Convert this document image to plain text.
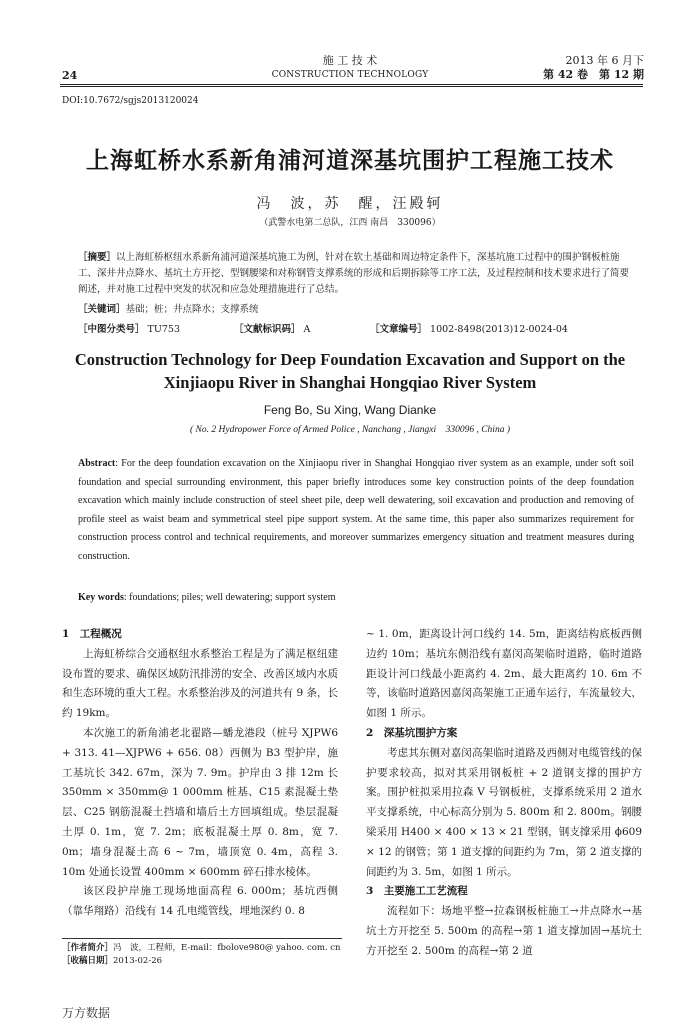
施 工 技 术
CONSTRUCTION TECHNOLOGY
2013 年 6 月下
第 42 卷　第 12 期
24
DOI:10.7672/sgjs2013120024
上海虹桥水系新角浦河道深基坑围护工程施工技术
冯　波，苏　醒，汪殿轲
（武警水电第二总队，江西 南昌　330096）
［摘要］以上海虹桥枢纽水系新角浦河道深基坑施工为例，针对在软土基础和周边特定条件下，深基坑施工过程中的围护钢板桩施工、深井井点降水、基坑土方开挖、型钢腰梁和对称钢管支撑系统的形成和后期拆除等工序工法，及过程控制和技术要求进行了简要阐述，并对施工过程中突发的状况和应急处理措施进行了总结。
［关键词］基础；桩；井点降水；支撑系统
［中图分类号］ TU753	［文献标识码］ A	［文章编号］ 1002-8498(2013)12-0024-04
Construction Technology for Deep Foundation Excavation and Support on the Xinjiaopu River in Shanghai Hongqiao River System
Feng Bo, Su Xing, Wang Dianke
( No. 2 Hydropower Force of Armed Police , Nanchang , Jiangxi　330096 , China )
Abstract: For the deep foundation excavation on the Xinjiaopu river in Shanghai Hongqiao river system as an example, under soft soil foundation and special surrounding environment, this paper briefly introduces some key construction points of the deep foundation excavation which mainly include construction of steel sheet pile, deep well dewatering, soil excavation and production and removing of profile steel as waist beam and symmetrical steel pipe support system. At the same time, this paper also summarizes requirement for construction process control and technical requirements, and moreover summarizes emergency situation and treatment measures during construction.
Key words: foundations; piles; well dewatering; support system
1　工程概况

上海虹桥综合交通枢纽水系整治工程是为了满足枢纽建设布置的要求、确保区域防汛排涝的安全、改善区域内水质和生态环境的重大工程。水系整治涉及的河道共有 9 条，长约 19km。

本次施工的新角浦老北翟路—蟠龙港段（桩号 XJPW6 + 313. 41—XJPW6 + 656. 08）西侧为 B3 型护岸，施工基坑长 342. 67m，深为 7. 9m。护岸由 3 排 12m 长 350mm × 350mm@ 1 000mm 桩基、C15 素混凝土垫层、C25 钢筋混凝土挡墙和墙后土方回填组成。垫层混凝土厚 0. 1m，宽 7. 2m；底板混凝土厚 0. 8m，宽 7. 0m；墙身混凝土高 6 ~ 7m，墙顶宽 0. 4m，高程 3. 10m 处通长设置 400mm × 600mm 碎石排水棱体。

该区段护岸施工现场地面高程 6. 000m；基坑西侧（靠华翔路）沿线有 14 孔电缆管线，埋地深约 0. 8

~ 1. 0m，距离设计河口线约 14. 5m，距离结构底板西侧边约 10m；基坑东侧沿线有嘉闵高架临时道路，临时道路距设计河口线最小距离约 4. 2m、最大距离约 10. 6m 不等，该临时道路因嘉闵高架施工正通车运行，车流量较大，如图 1 所示。

2　深基坑围护方案

考虑其东侧对嘉闵高架临时道路及西侧对电缆管线的保护要求较高，拟对其采用钢板桩 + 2 道钢支撑的围护方案。围护桩拟采用拉森 V 号钢板桩，支撑系统采用 2 道水平支撑系统，中心标高分别为 5. 800m 和 2. 800m。钢腰梁采用 H400 × 400 × 13 × 21 型钢，钢支撑采用 ϕ609 × 12 的钢管；第 1 道支撑的间距约为 7m，第 2 道支撑的间距约为 3. 5m，如图 1 所示。

3　主要施工工艺流程

流程如下：场地平整→拉森钢板桩施工→井点降水→基坑土方开挖至 5. 500m 的高程→第 1 道支撑加固→基坑土方开挖至 2. 500m 的高程→第 2 道

［作者简介］冯　波，工程师，E-mail：fbolove980@ yahoo. com. cn
［收稿日期］2013-02-26
万方数据
